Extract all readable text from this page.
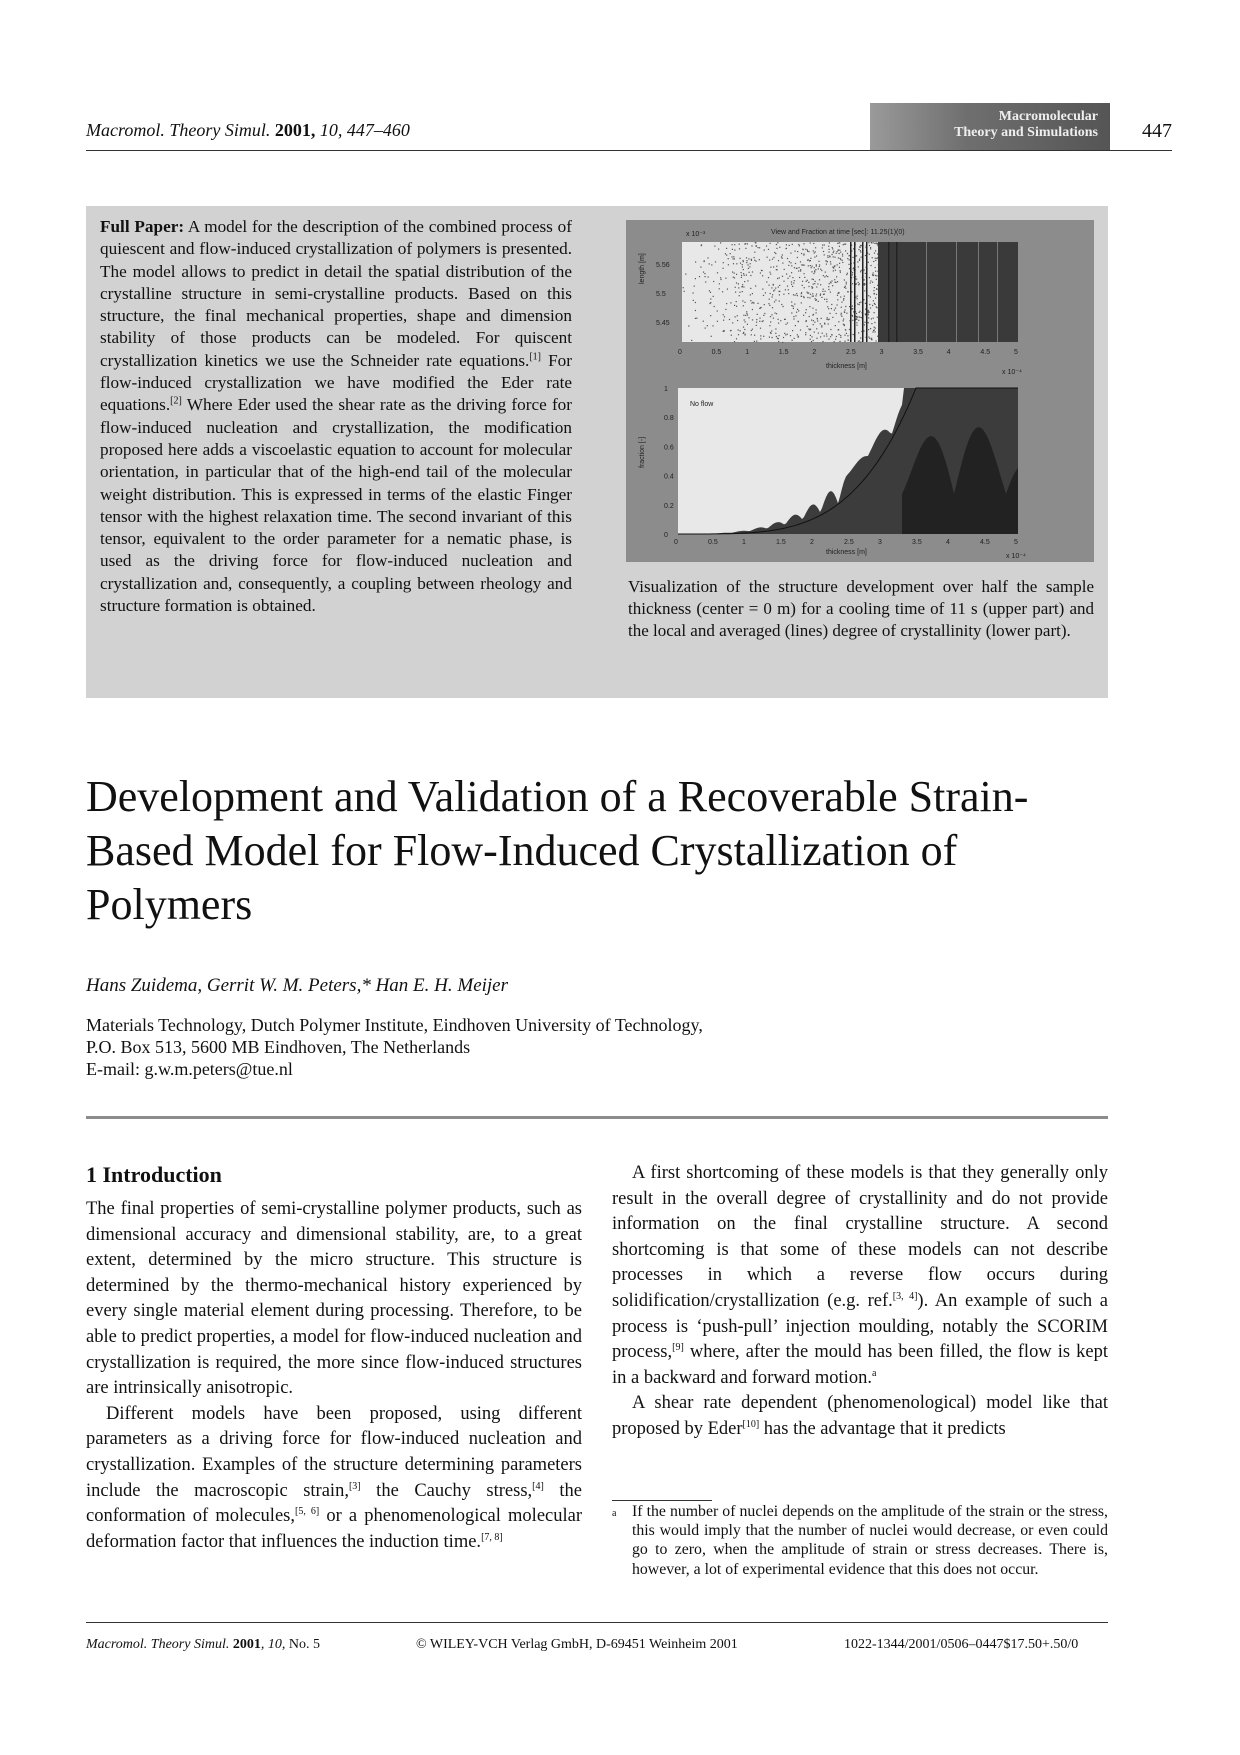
Macromol. Theory Simul. 2001, 10, 447–460
Macromolecular
Theory and Simulations 447
Full Paper: A model for the description of the combined process of quiescent and flow-induced crystallization of polymers is presented. The model allows to predict in detail the spatial distribution of the crystalline structure in semi-crystalline products. Based on this structure, the final mechanical properties, shape and dimension stability of those products can be modeled. For quiscent crystallization kinetics we use the Schneider rate equations.[1] For flow-induced crystallization we have modified the Eder rate equations.[2] Where Eder used the shear rate as the driving force for flow-induced nucleation and crystallization, the modification proposed here adds a viscoelastic equation to account for molecular orientation, in particular that of the high-end tail of the molecular weight distribution. This is expressed in terms of the elastic Finger tensor with the highest relaxation time. The second invariant of this tensor, equivalent to the order parameter for a nematic phase, is used as the driving force for flow-induced nucleation and crystallization and, consequently, a coupling between rheology and structure formation is obtained.
View and Fraction at time [sec]: 11.25(1)(0)
x 10⁻³
length [m] 5.56
5.5
5.45
0	0.5	1	1.5	2	2.5	3	3.5	4	4.5	5
thickness [m]
x 10⁻⁴
fraction [-]
1
0.8
0.6
0.4
0.2
0
No flow
0	0.5	1	1.5	2	2.5	3	3.5	4	4.5	5
thickness [m]
x 10⁻⁴
Visualization of the structure development over half the sample thickness (center = 0 m) for a cooling time of 11 s (upper part) and the local and averaged (lines) degree of crystallinity (lower part).
Development and Validation of a Recoverable Strain-Based Model for Flow-Induced Crystallization of Polymers
Hans Zuidema, Gerrit W. M. Peters,* Han E. H. Meijer
Materials Technology, Dutch Polymer Institute, Eindhoven University of Technology,
P.O. Box 513, 5600 MB Eindhoven, The Netherlands
E-mail: g.w.m.peters@tue.nl
1 Introduction

The final properties of semi-crystalline polymer products, such as dimensional accuracy and dimensional stability, are, to a great extent, determined by the micro structure. This structure is determined by the thermo-mechanical history experienced by every single material element during processing. Therefore, to be able to predict properties, a model for flow-induced nucleation and crystallization is required, the more since flow-induced structures are intrinsically anisotropic.

Different models have been proposed, using different parameters as a driving force for flow-induced nucleation and crystallization. Examples of the structure determining parameters include the macroscopic strain,[3] the Cauchy stress,[4] the conformation of molecules,[5, 6] or a phenomenological molecular deformation factor that influences the induction time.[7, 8]

A first shortcoming of these models is that they generally only result in the overall degree of crystallinity and do not provide information on the final crystalline structure. A second shortcoming is that some of these models can not describe processes in which a reverse flow occurs during solidification/crystallization (e.g. ref.[3, 4]). An example of such a process is ‘push-pull’ injection moulding, notably the SCORIM process,[9] where, after the mould has been filled, the flow is kept in a backward and forward motion.$^a$

A shear rate dependent (phenomenological) model like that proposed by Eder[10] has the advantage that it predicts

a If the number of nuclei depends on the amplitude of the strain or the stress, this would imply that the number of nuclei would decrease, or even could go to zero, when the amplitude of strain or stress decreases. There is, however, a lot of experimental evidence that this does not occur.
Macromol. Theory Simul. 2001, 10, No. 5	© WILEY-VCH Verlag GmbH, D-69451 Weinheim 2001	1022-1344/2001/0506–0447$17.50+.50/0
